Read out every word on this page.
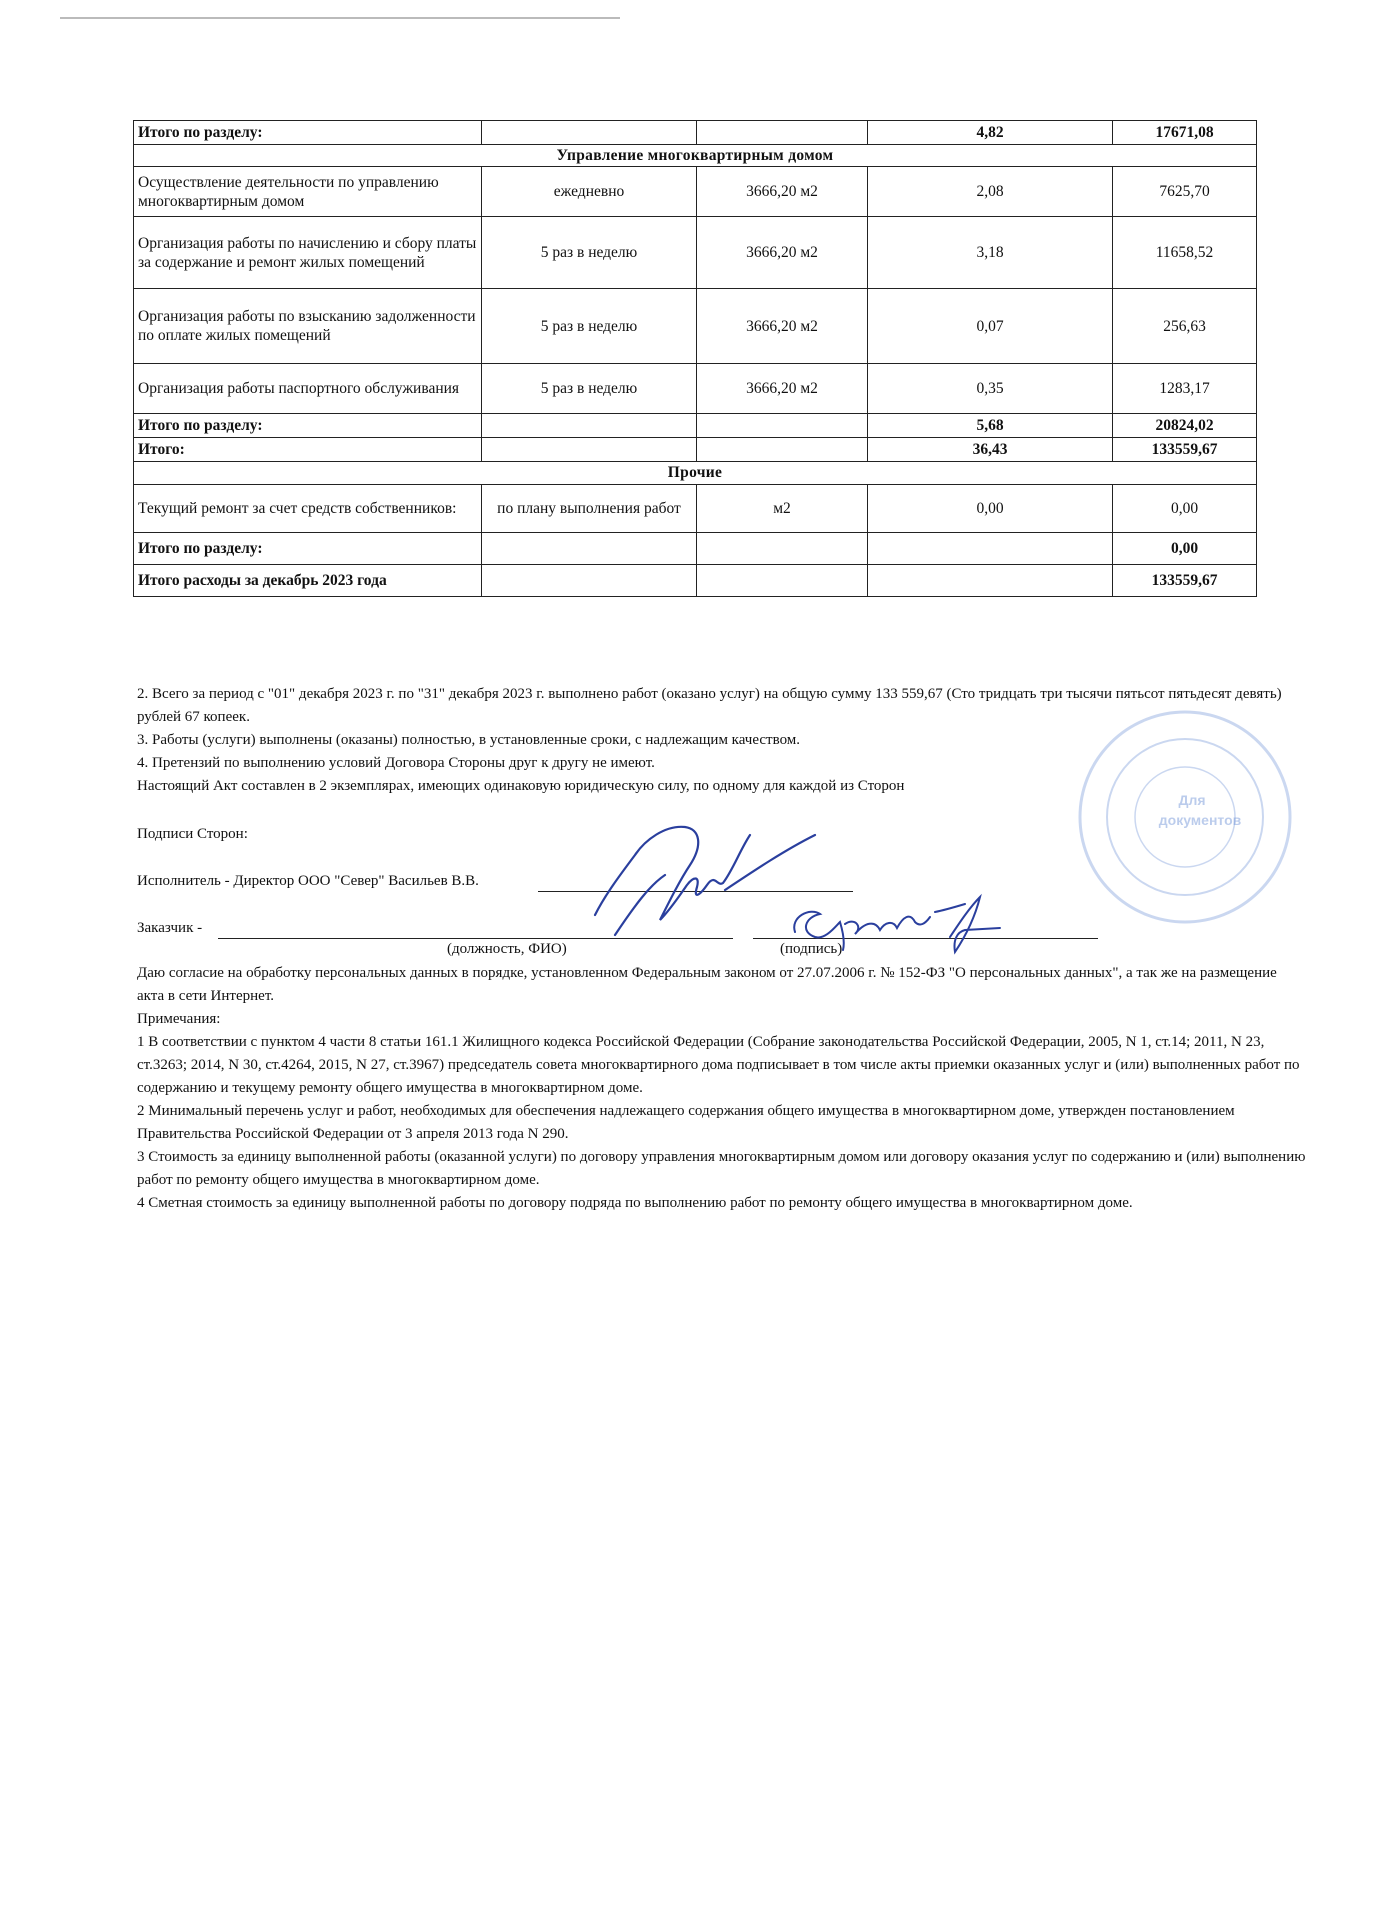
Итого по разделу:			4,82	17671,08
Управление многоквартирным домом				
Осуществление деятельности по управлению многоквартирным домом	ежедневно	3666,20 м2	2,08	7625,70
Организация работы по начислению и сбору платы за содержание и ремонт жилых помещений	5 раз в неделю	3666,20 м2	3,18	11658,52
Организация работы по взысканию задолженности по оплате жилых помещений	5 раз в неделю	3666,20 м2	0,07	256,63
Организация работы паспортного обслуживания	5 раз в неделю	3666,20 м2	0,35	1283,17
Итого по разделу:			5,68	20824,02
Итого:			36,43	133559,67
Прочие				
Текущий ремонт за счет средств собственников:	по плану выполнения работ	м2	0,00	0,00
Итого по разделу:				0,00
Итого расходы за декабрь 2023 года				133559,67

2. Всего за период с "01" декабря 2023 г. по "31" декабря 2023 г. выполнено работ (оказано услуг) на общую сумму 133 559,67 (Сто тридцать три тысячи пятьсот пятьдесят девять) рублей 67 копеек.

3. Работы (услуги) выполнены (оказаны) полностью, в установленные сроки, с надлежащим качеством.

4. Претензий по выполнению условий Договора Стороны друг к другу не имеют.

Настоящий Акт составлен в 2 экземплярах, имеющих одинаковую юридическую силу, по одному для каждой из Сторон

Подписи Сторон:
Исполнитель - Директор ООО "Север" Васильев В.В.
Заказчик -
(должность, ФИО)	(подпись)

Даю согласие на обработку персональных данных в порядке, установленном Федеральным законом от 27.07.2006 г. № 152-ФЗ "О персональных данных", а так же на размещение акта в сети Интернет.

Примечания:

1 В соответствии с пунктом 4 части 8 статьи 161.1 Жилищного кодекса Российской Федерации (Собрание законодательства Российской Федерации, 2005, N 1, ст.14; 2011, N 23, ст.3263; 2014, N 30, ст.4264, 2015, N 27, ст.3967) председатель совета многоквартирного дома подписывает в том числе акты приемки оказанных услуг и (или) выполненных работ по содержанию и текущему ремонту общего имущества в многоквартирном доме.

2 Минимальный перечень услуг и работ, необходимых для обеспечения надлежащего содержания общего имущества в многоквартирном доме, утвержден постановлением Правительства Российской Федерации от 3 апреля 2013 года N 290.

3 Стоимость за единицу выполненной работы (оказанной услуги) по договору управления многоквартирным домом или договору оказания услуг по содержанию и (или) выполнению работ по ремонту общего имущества в многоквартирном доме.

4 Сметная стоимость за единицу выполненной работы по договору подряда по выполнению работ по ремонту общего имущества в многоквартирном доме.

Для
документов
